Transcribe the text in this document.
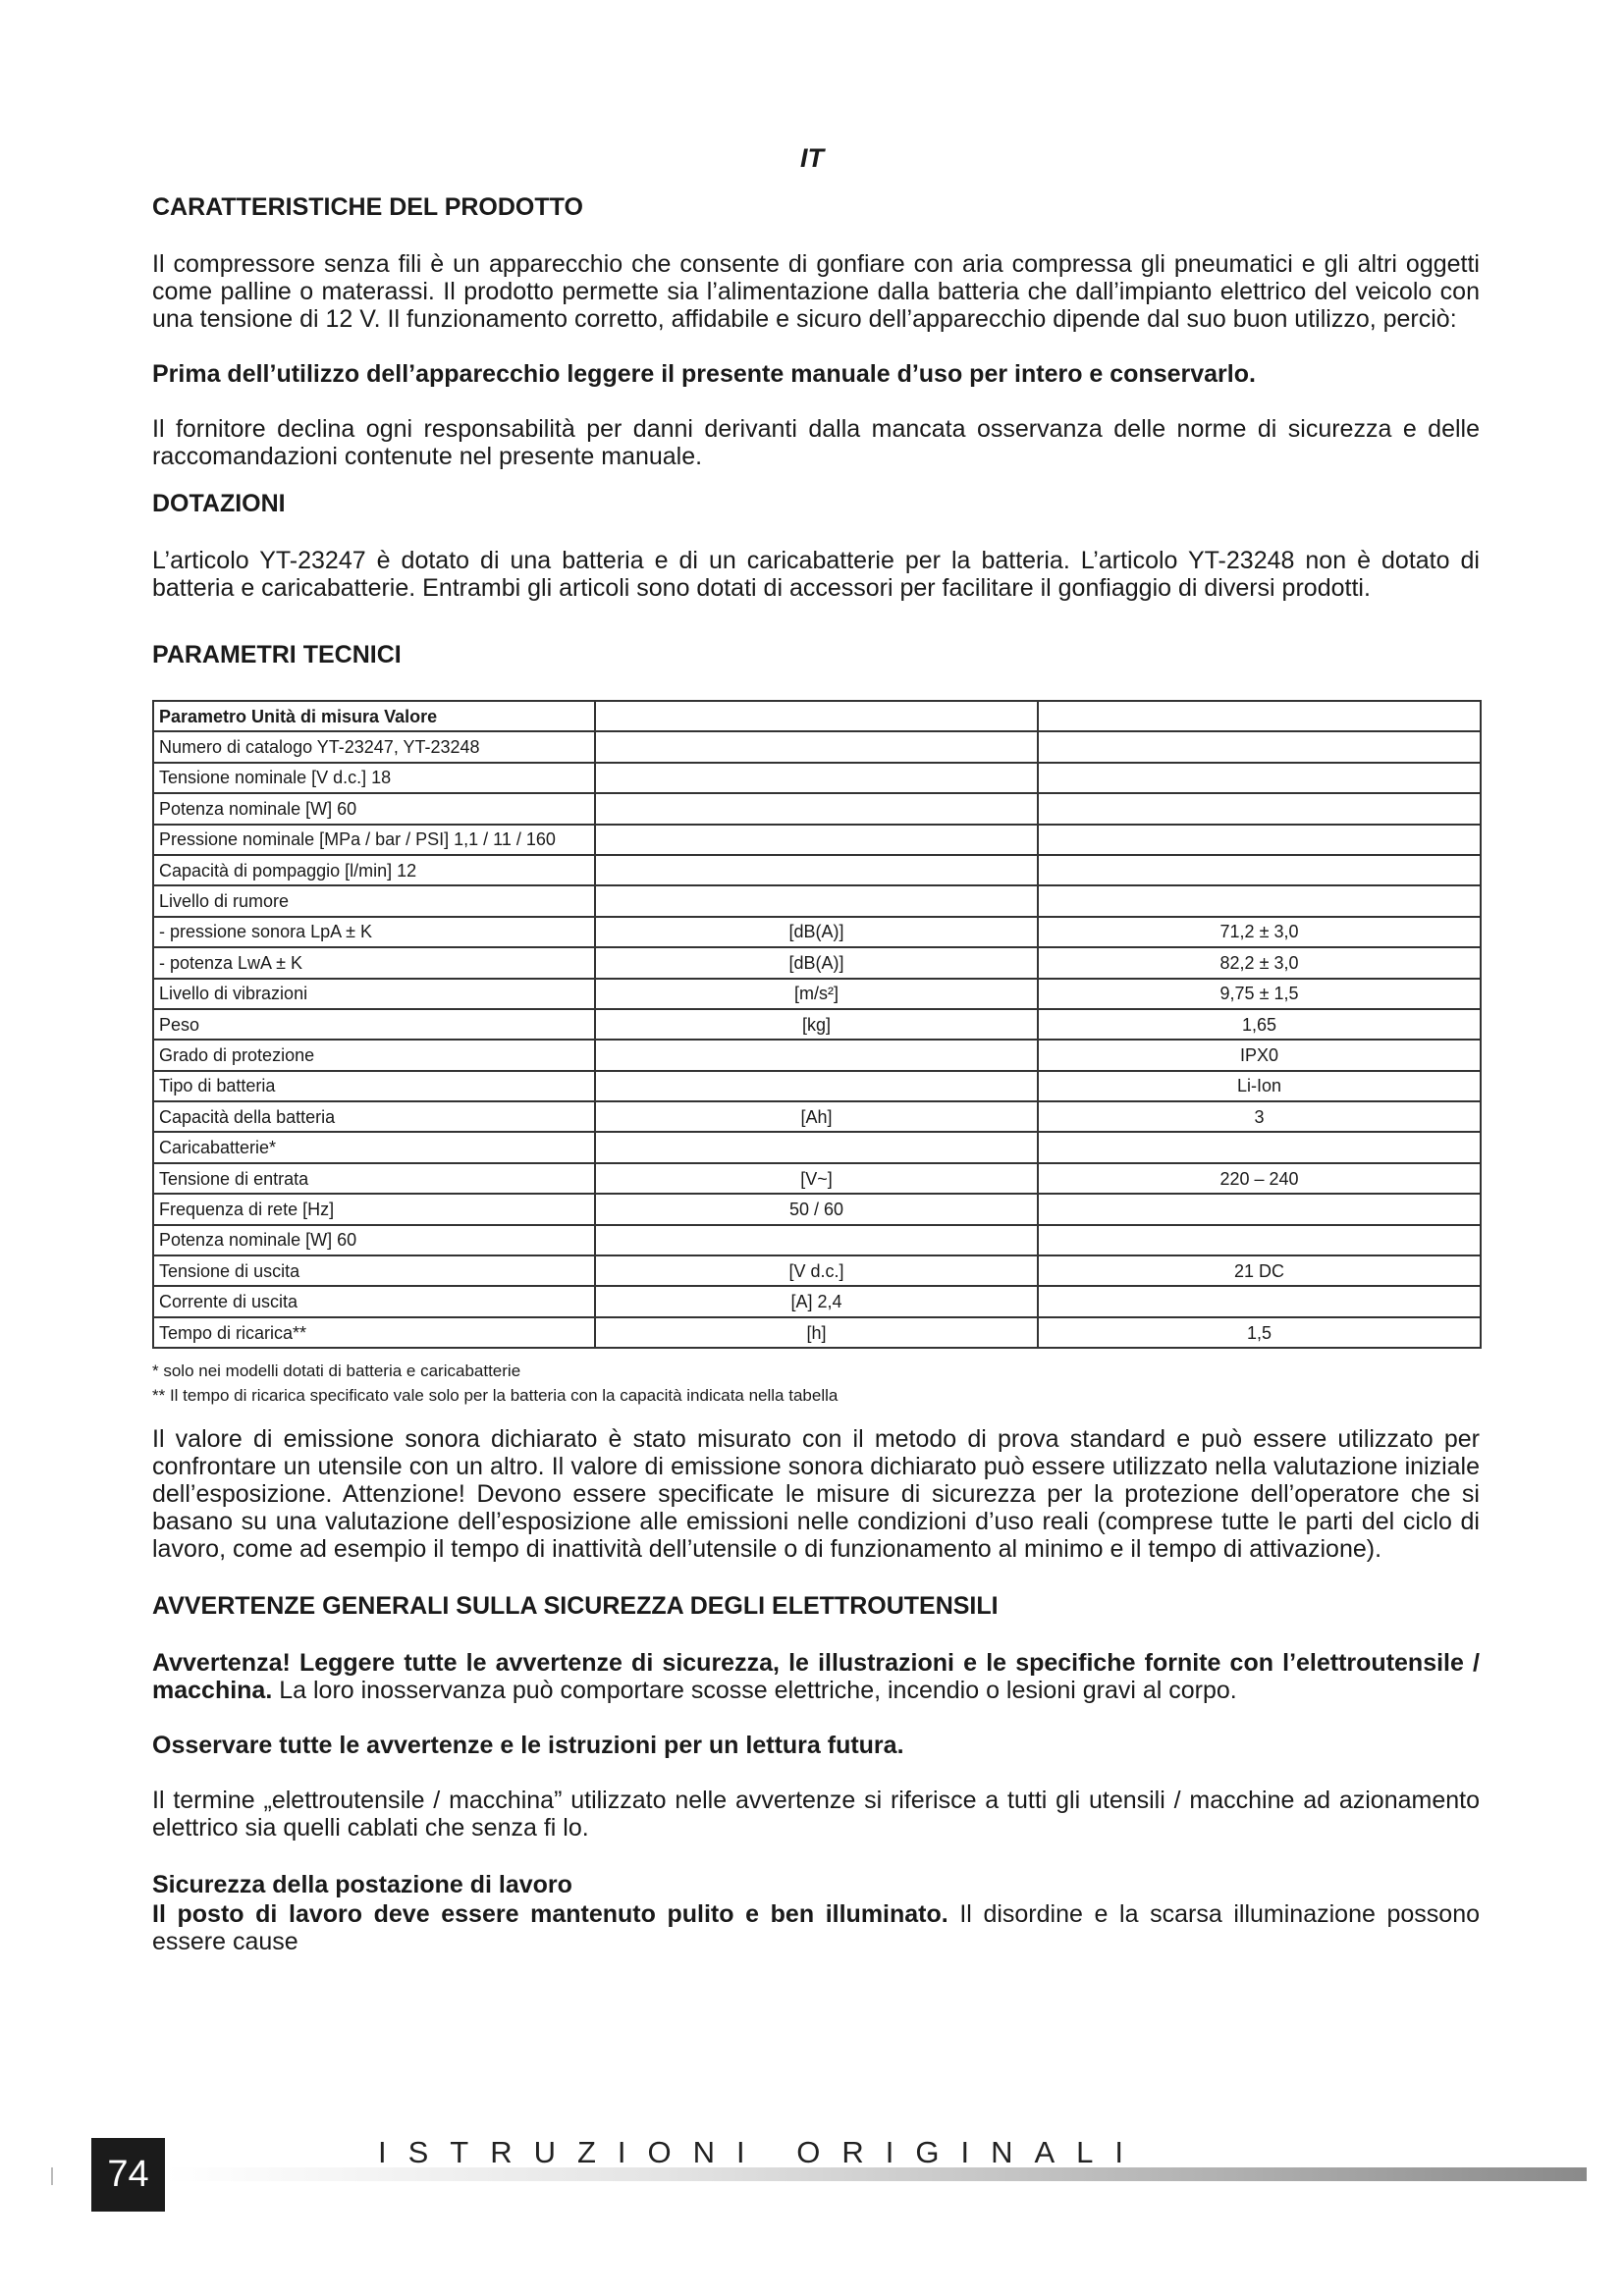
IT
CARATTERISTICHE DEL PRODOTTO

Il compressore senza fili è un apparecchio che consente di gonfiare con aria compressa gli pneumatici e gli altri oggetti come palline o materassi. Il prodotto permette sia l’alimentazione dalla batteria che dall’impianto elettrico del veicolo con una tensione di 12 V. Il funzionamento corretto, affidabile e sicuro dell’apparecchio dipende dal suo buon utilizzo, perciò:

Prima dell’utilizzo dell’apparecchio leggere il presente manuale d’uso per intero e conservarlo.

Il fornitore declina ogni responsabilità per danni derivanti dalla mancata osservanza delle norme di sicurezza e delle raccomandazioni contenute nel presente manuale.

DOTAZIONI

L’articolo YT-23247 è dotato di una batteria e di un caricabatterie per la batteria. L’articolo YT-23248 non è dotato di batteria e caricabatterie. Entrambi gli articoli sono dotati di accessori per facilitare il gonfiaggio di diversi prodotti.

PARAMETRI TECNICI
Parametro Unità di misura Valore		
Numero di catalogo YT-23247, YT-23248		
Tensione nominale [V d.c.] 18		
Potenza nominale [W] 60		
Pressione nominale [MPa / bar / PSI] 1,1 / 11 / 160		
Capacità di pompaggio [l/min] 12		
Livello di rumore		
- pressione sonora LpA ± K	[dB(A)]	71,2 ± 3,0
- potenza LwA ± K	[dB(A)]	82,2 ± 3,0
Livello di vibrazioni	[m/s²]	9,75 ± 1,5
Peso	[kg]	1,65
Grado di protezione		IPX0
Tipo di batteria		Li-Ion
Capacità della batteria	[Ah]	3
Caricabatterie*		
Tensione di entrata	[V~]	220 – 240
Frequenza di rete [Hz]	50 / 60	
Potenza nominale [W] 60		
Tensione di uscita	[V d.c.]	21 DC
Corrente di uscita	[A] 2,4	
Tempo di ricarica**	[h]	1,5

* solo nei modelli dotati di batteria e caricabatterie

** Il tempo di ricarica specificato vale solo per la batteria con la capacità indicata nella tabella

Il valore di emissione sonora dichiarato è stato misurato con il metodo di prova standard e può essere utilizzato per confrontare un utensile con un altro. Il valore di emissione sonora dichiarato può essere utilizzato nella valutazione iniziale dell’esposizione. Attenzione! Devono essere specificate le misure di sicurezza per la protezione dell’operatore che si basano su una valutazione dell’esposizione alle emissioni nelle condizioni d’uso reali (comprese tutte le parti del ciclo di lavoro, come ad esempio il tempo di inattività dell’utensile o di funzionamento al minimo e il tempo di attivazione).

AVVERTENZE GENERALI SULLA SICUREZZA DEGLI ELETTROUTENSILI

Avvertenza! Leggere tutte le avvertenze di sicurezza, le illustrazioni e le specifiche fornite con l’elettroutensile / macchina. La loro inosservanza può comportare scosse elettriche, incendio o lesioni gravi al corpo.

Osservare tutte le avvertenze e le istruzioni per un lettura futura.

Il termine „elettroutensile / macchina” utilizzato nelle avvertenze si riferisce a tutti gli utensili / macchine ad azionamento elettrico sia quelli cablati che senza fi lo.

Sicurezza della postazione di lavoro

Il posto di lavoro deve essere mantenuto pulito e ben illuminato. Il disordine e la scarsa illuminazione possono essere cause

74
ISTRUZIONI ORIGINALI
